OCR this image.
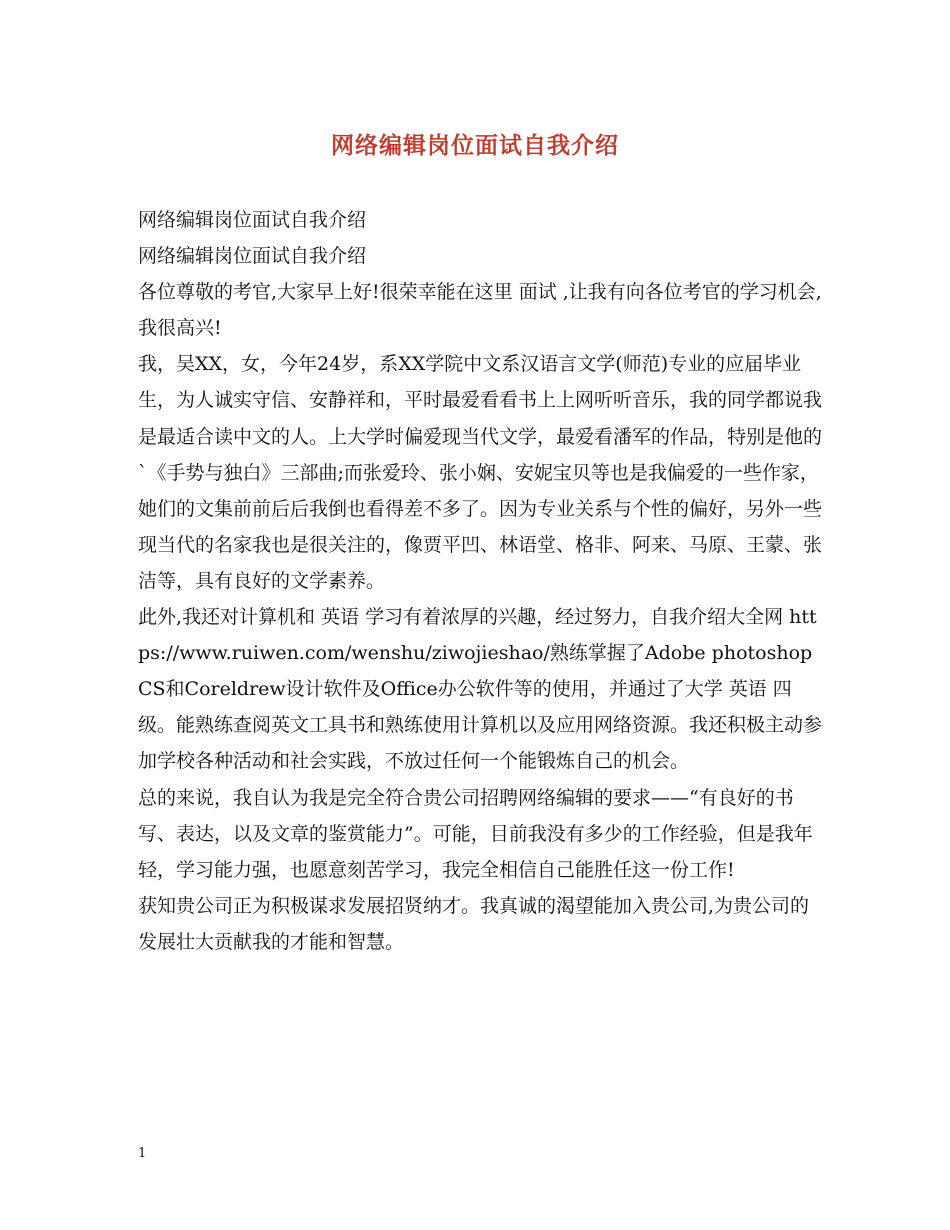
网络编辑岗位面试自我介绍

网络编辑岗位面试自我介绍

网络编辑岗位面试自我介绍

各位尊敬的考官,大家早上好!很荣幸能在这里 面试 ,让我有向各位考官的学习机会,我很高兴!

我，吴XX，女，今年24岁，系XX学院中文系汉语言文学(师范)专业的应届毕业生，为人诚实守信、安静祥和，平时最爱看看书上上网听听音乐，我的同学都说我是最适合读中文的人。上大学时偏爱现当代文学，最爱看潘军的作品，特别是他的`《手势与独白》三部曲;而张爱玲、张小娴、安妮宝贝等也是我偏爱的一些作家，她们的文集前前后后我倒也看得差不多了。因为专业关系与个性的偏好，另外一些现当代的名家我也是很关注的，像贾平凹、林语堂、格非、阿来、马原、王蒙、张洁等，具有良好的文学素养。

此外,我还对计算机和 英语 学习有着浓厚的兴趣，经过努力，自我介绍大全网 https://www.ruiwen.com/wenshu/ziwojieshao/熟练掌握了Adobe photoshop CS和Coreldrew设计软件及Office办公软件等的使用，并通过了大学 英语 四级。能熟练查阅英文工具书和熟练使用计算机以及应用网络资源。我还积极主动参加学校各种活动和社会实践，不放过任何一个能锻炼自己的机会。

总的来说，我自认为我是完全符合贵公司招聘网络编辑的要求——“有良好的书写、表达，以及文章的鉴赏能力”。可能，目前我没有多少的工作经验，但是我年轻，学习能力强，也愿意刻苦学习，我完全相信自己能胜任这一份工作!

获知贵公司正为积极谋求发展招贤纳才。我真诚的渴望能加入贵公司,为贵公司的发展壮大贡献我的才能和智慧。

1
